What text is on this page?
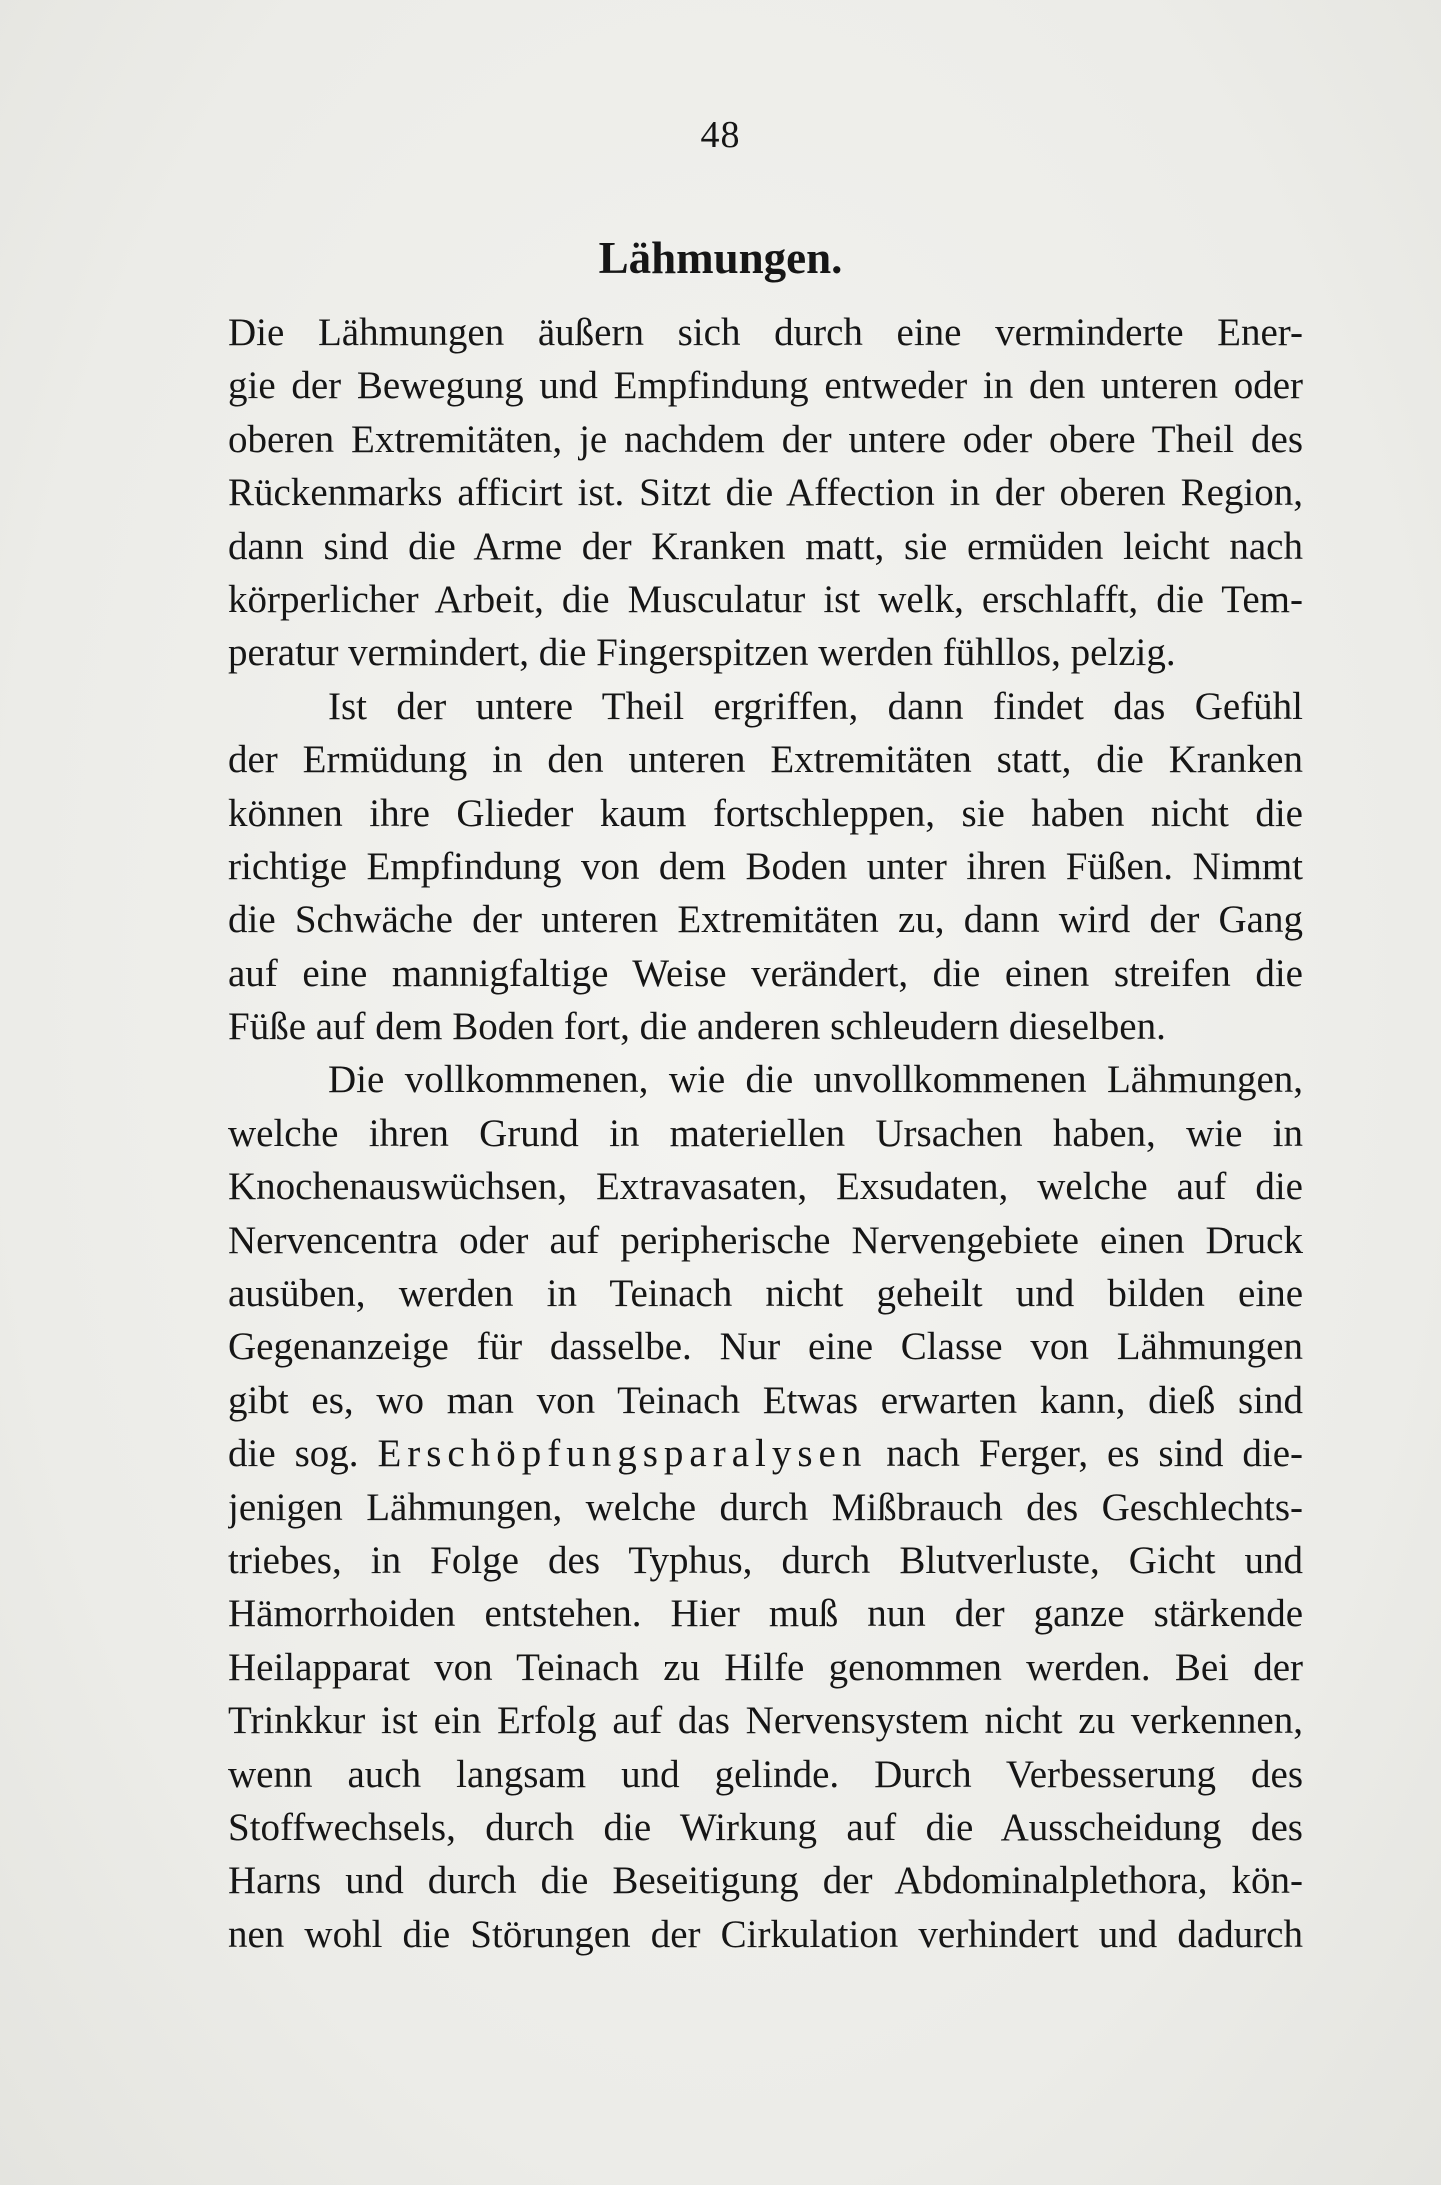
48
Lähmungen.
Die Lähmungen äußern sich durch eine verminderte Ener-
gie der Bewegung und Empfindung entweder in den unteren oder
oberen Extremitäten, je nachdem der untere oder obere Theil des
Rückenmarks afficirt ist. Sitzt die Affection in der oberen Region,
dann sind die Arme der Kranken matt, sie ermüden leicht nach
körperlicher Arbeit, die Musculatur ist welk, erschlafft, die Tem-
peratur vermindert, die Fingerspitzen werden fühllos, pelzig.
Ist der untere Theil ergriffen, dann findet das Gefühl
der Ermüdung in den unteren Extremitäten statt, die Kranken
können ihre Glieder kaum fortschleppen, sie haben nicht die
richtige Empfindung von dem Boden unter ihren Füßen. Nimmt
die Schwäche der unteren Extremitäten zu, dann wird der Gang
auf eine mannigfaltige Weise verändert, die einen streifen die
Füße auf dem Boden fort, die anderen schleudern dieselben.
Die vollkommenen, wie die unvollkommenen Lähmungen,
welche ihren Grund in materiellen Ursachen haben, wie in
Knochenauswüchsen, Extravasaten, Exsudaten, welche auf die
Nervencentra oder auf peripherische Nervengebiete einen Druck
ausüben, werden in Teinach nicht geheilt und bilden eine
Gegenanzeige für dasselbe. Nur eine Classe von Lähmungen
gibt es, wo man von Teinach Etwas erwarten kann, dieß sind
die sog. Erschöpfungsparalysen nach Ferger, es sind die-
jenigen Lähmungen, welche durch Mißbrauch des Geschlechts-
triebes, in Folge des Typhus, durch Blutverluste, Gicht und
Hämorrhoiden entstehen. Hier muß nun der ganze stärkende
Heilapparat von Teinach zu Hilfe genommen werden. Bei der
Trinkkur ist ein Erfolg auf das Nervensystem nicht zu verkennen,
wenn auch langsam und gelinde. Durch Verbesserung des
Stoffwechsels, durch die Wirkung auf die Ausscheidung des
Harns und durch die Beseitigung der Abdominalplethora, kön-
nen wohl die Störungen der Cirkulation verhindert und dadurch
